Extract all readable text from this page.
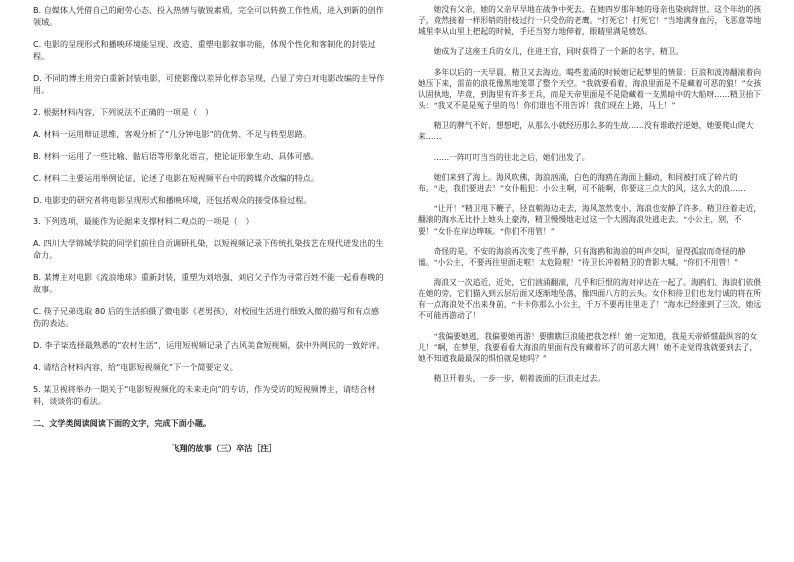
B. 自媒体人凭借自己的耐劳心态、投入热情与敏锐素质，完全可以转换工作性质，进入到新的创作领域。
C. 电影的呈现形式和播映环境能呈现、改造、重塑电影叙事功能，体现个性化和客制化的封装过程。
D. 不同的博主用旁白重新封装电影，可使影像以差异化样态呈现，凸显了旁白对电影改编的主导作用。
2. 根据材料内容，下列说法不正确的一项是（　）
A. 材料一运用辩证思维，客观分析了“几分钟电影”的优势、不足与转型思路。
B. 材料一运用了一些比喻、骷后语等形象化语言，使论证形象生动、具体可感。
C. 材料二主要运用举例论证，论述了电影在短视频平台中的跨媒介改编的特点。
D. 电影史的研究者将电影呈现形式和播映环境，还包括观众的接受体验过程。
3. 下列选项，最能作为论据来支撑材料二观点的一项是（　）
A. 四川大学锦城学院的同学们前往自贡调研扎染，以短视频记录下传统扎染技艺在现代迸发出的生命力。
B. 某博主对电影《流浪地球》重新封装，重塑为刘培强、刘启父子作为寻常百姓不能一起看春晚的故事。
C. 筷子兄弟选取 80 后的生活拍摄了微电影《老男孩》，对校园生活进行细致入微的描写和有点感伤的表达。
D. 李子柒选择最熟悉的“农村生活”，运用短视频记录了古风美食短视频，获中外网民的一致好评。
4. 请结合材料内容，给“电影短视频化”下一个简要定义。
5. 某卫视将举办一期关于“电影短视频化的未来走向”的专访，作为受访的短视频博主，请结合材料，谈谈你的看法。
二、文学类阅读阅读下面的文字，完成下面小题。
飞翔的故事（三）卒沽［注］
她没有父亲，她的父亲早早地在战争中死去。在她四岁那年她的母亲也染病辞世。这个年幼的孩子，竟然接着一样形销的肘枝过行一只受伤的老鹰。“打死它！打死它！”当地满身血污，飞恶意等地城里李从山里上把起的时候，手还当努力地伸着，眼睛里满是愤怒。
她成为了这座王兵的女儿，住进王宫，同时获得了一个新的名字，精卫。
多年以后的一天早晨，精卫又去海边。喝些羞涌的时候她记起梦里的情景：巨浪和波涛翻滚着向她压下来，雷苗的浪花像黑地笼罩了整个天空。“我就要看着，海浪里面是不是藏着可恶的狼！”女孩认固执地，毕竟，到海里有许多王兵，而是天帝里面是不是隐藏着一支黑暗中的大船呀……精卫抬下头：“我又不是是冤子里的鸟！你们谁也不用告诉！我们现在上路，马上！”
精卫的脾气不好，想想吧，从那么小就经历那么多的生故……没有谁敢拧逆她，她要爬山爬大来……
……一阵叮叮当当的往北之后，她们出发了。
她们来到了海上。海风吹佛，海浪汹涌，白色的海鸥在海面上翻动，和同被打成了碎片的布。“走，我们要进去！”女仆粗犯：小公主啊，可不能啊，你要这三点大的风，这么大的浪……
“让开！”精卫甩下鞭子，径直朝海边走去，海风忽然变小，海浪也安静了许多。精卫往着走近，翻滚的海水无比扑上她头上豪涛，精卫慢慢地走过这一个大圆海浪处逃走去。“小公主，别，不要！”女仆在岸边哗咳。“你们不用管！”
奇怪的是，不安的海浪再次变了些平静，只有海鸥和海浪的叫声交叫，显得孤寂而奇怪的静谧。“小公主，不要再往里面走啦！太危险啦！”待卫长冲着精卫的背影大喊。“你们不用管！”
海浪又一次追近，近处，它们汹涌翻滚，几乎和巨恨的海对岸达在一起了。海鸥们、海浪们依偎在她的旁，它们猫入到云层后面又逐渐地坠落，像四面八方的云头。女仆和待卫们也龙行诚的将在所有一点海浪处不出来身前，“卡卡你那么小公主，千万不要再往里走了！”海水已经涨到了三次，她远不可能再游动了！
“我偏要她逃，我偏要她再游！要瞧瞧巨浪能把我怎样！她一定知道，我是天帝娇惯最纵容的女儿！”啊，在梦里，我要看看大海浪的里面有没有藏着坏了的可恶大网！她不走觉得我就要到去了，她不知道我最最深的惧怕就是她吗？”
精卫开着头，一步一步，朝着波面的巨浪走过去。
